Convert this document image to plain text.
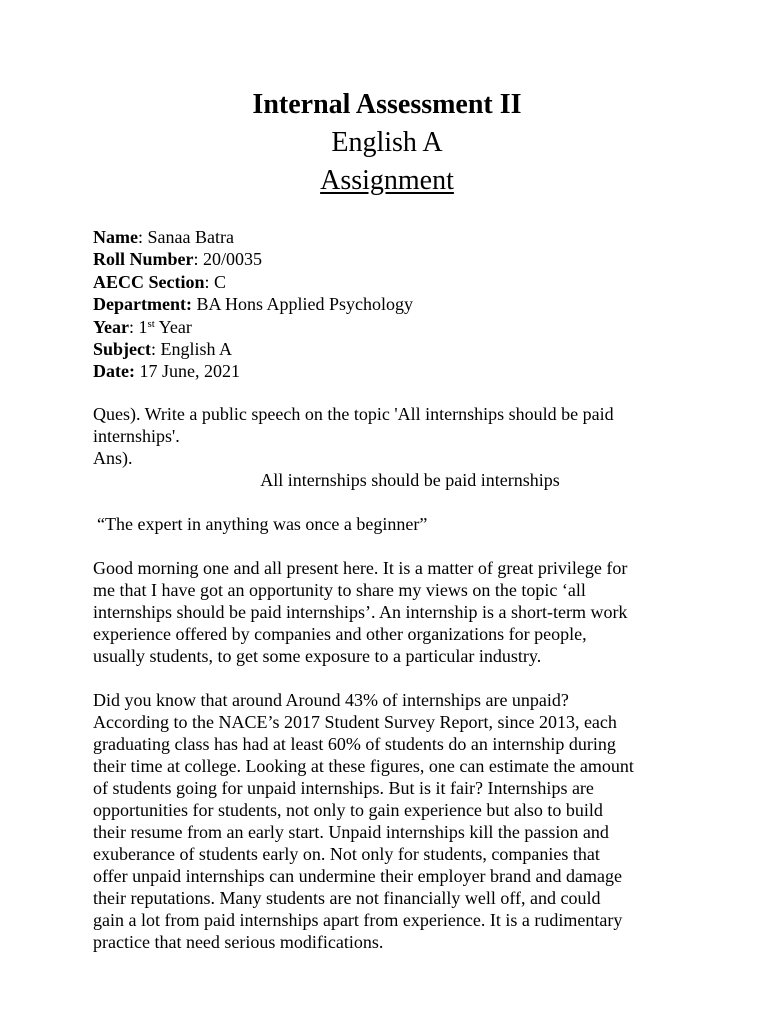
Internal Assessment II
English A
Assignment
Name: Sanaa Batra
Roll Number: 20/0035
AECC Section: C
Department: BA Hons Applied Psychology
Year: 1st Year
Subject: English A
Date: 17 June, 2021
Ques). Write a public speech on the topic 'All internships should be paid
internships'.
Ans).
All internships should be paid internships
“The expert in anything was once a beginner”
Good morning one and all present here. It is a matter of great privilege for
me that I have got an opportunity to share my views on the topic ‘all
internships should be paid internships’. An internship is a short-term work
experience offered by companies and other organizations for people,
usually students, to get some exposure to a particular industry.
Did you know that around Around 43% of internships are unpaid?
According to the NACE’s 2017 Student Survey Report, since 2013, each
graduating class has had at least 60% of students do an internship during
their time at college. Looking at these figures, one can estimate the amount
of students going for unpaid internships. But is it fair? Internships are
opportunities for students, not only to gain experience but also to build
their resume from an early start. Unpaid internships kill the passion and
exuberance of students early on. Not only for students, companies that
offer unpaid internships can undermine their employer brand and damage
their reputations. Many students are not financially well off, and could
gain a lot from paid internships apart from experience. It is a rudimentary
practice that need serious modifications.
